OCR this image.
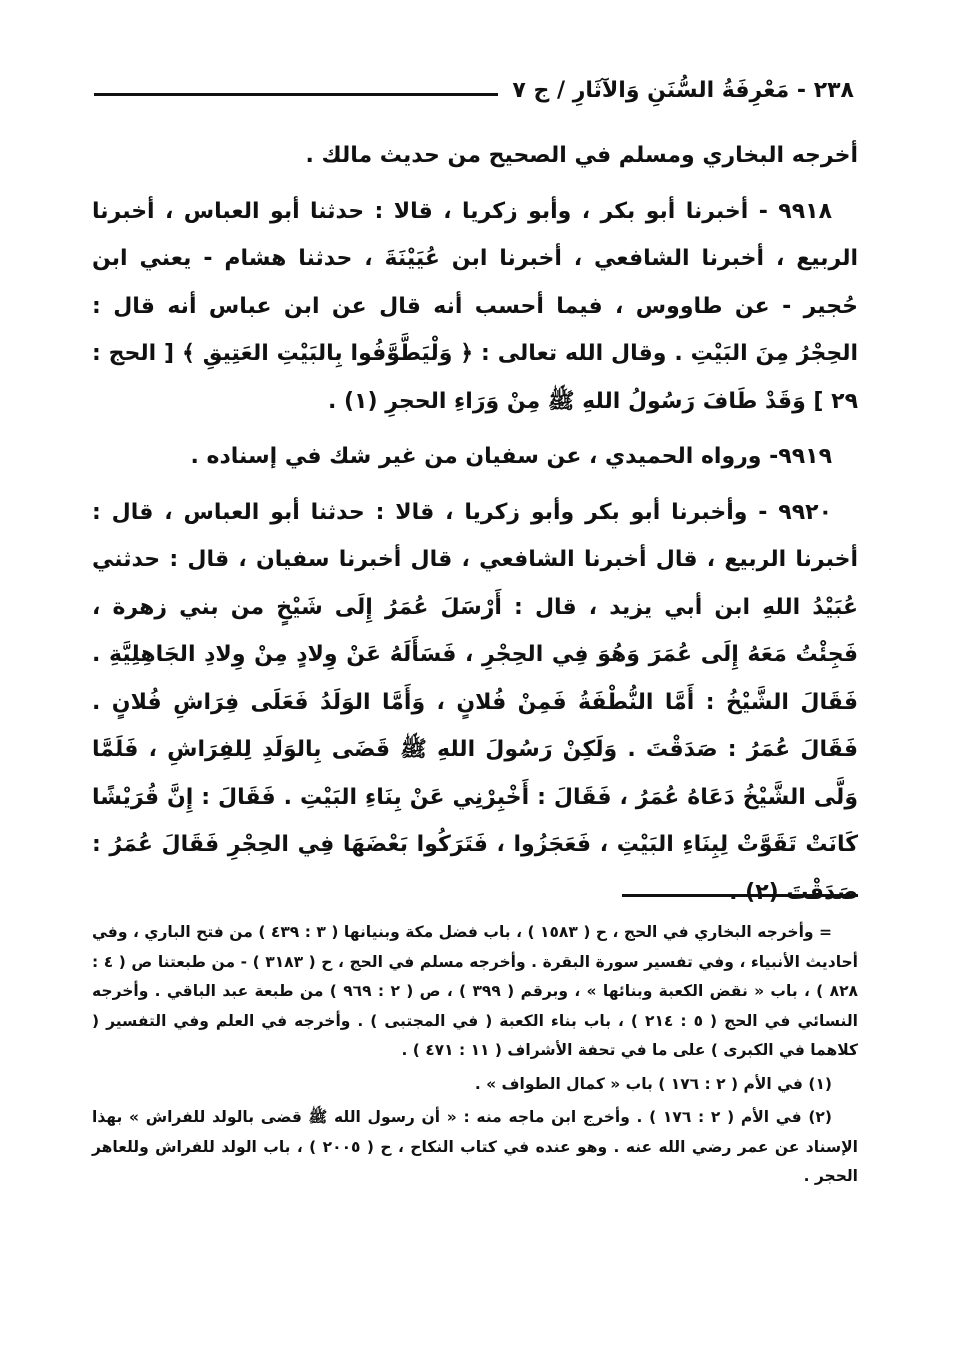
٢٣٨ - مَعْرِفَةُ السُّنَنِ وَالآثَارِ / ج ٧

أخرجه البخاري ومسلم في الصحيح من حديث مالك .

٩٩١٨ - أخبرنا أبو بكر ، وأبو زكريا ، قالا : حدثنا أبو العباس ، أخبرنا الربيع ، أخبرنا الشافعي ، أخبرنا ابن عُيَيْنَةَ ، حدثنا هشام - يعني ابن حُجير - عن طاووس ، فيما أحسب أنه قال عن ابن عباس أنه قال : الحِجْرُ مِنَ البَيْتِ . وقال الله تعالى : ﴿ وَلْيَطَّوَّفُوا بِالبَيْتِ العَتِيقِ ﴾ [ الحج : ٢٩ ] وَقَدْ طَافَ رَسُولُ اللهِ ﷺ مِنْ وَرَاءِ الحجرِ (١) .

٩٩١٩- ورواه الحميدي ، عن سفيان من غير شك في إسناده .

٩٩٢٠ - وأخبرنا أبو بكر وأبو زكريا ، قالا : حدثنا أبو العباس ، قال : أخبرنا الربيع ، قال أخبرنا الشافعي ، قال أخبرنا سفيان ، قال : حدثني عُبَيْدُ اللهِ ابن أبي يزيد ، قال : أَرْسَلَ عُمَرُ إِلَى شَيْخٍ من بني زهرة ، فَجِئْتُ مَعَهُ إِلَى عُمَرَ وَهُوَ فِي الحِجْرِ ، فَسَأَلَهُ عَنْ وِلادٍ مِنْ وِلادِ الجَاهِلِيَّةِ . فَقَالَ الشَّيْخُ : أَمَّا النُّطْفَةُ فَمِنْ فُلانٍ ، وَأَمَّا الوَلَدُ فَعَلَى فِرَاشِ فُلانٍ . فَقَالَ عُمَرُ : صَدَقْتَ . وَلَكِنْ رَسُولَ اللهِ ﷺ قَضَى بِالوَلَدِ لِلفِرَاشِ ، فَلَمَّا وَلَّى الشَّيْخُ دَعَاهُ عُمَرُ ، فَقَالَ : أَخْبِرْنِي عَنْ بِنَاءِ البَيْتِ . فَقَالَ : إِنَّ قُرَيْشًا كَانَتْ تَقَوَّتْ لِبِنَاءِ البَيْتِ ، فَعَجَزُوا ، فَتَرَكُوا بَعْضَهَا فِي الحِجْرِ فَقَالَ عُمَرُ : صَدَقْتَ (٢) .

= وأخرجه البخاري في الحج ، ح ( ١٥٨٣ ) ، باب فضل مكة وبنيانها ( ٣ : ٤٣٩ ) من فتح الباري ، وفي أحاديث الأنبياء ، وفي تفسير سورة البقرة . وأخرجه مسلم في الحج ، ح ( ٣١٨٣ ) - من طبعتنا ص ( ٤ : ٨٢٨ ) ، باب « نقض الكعبة وبنائها » ، وبرقم ( ٣٩٩ ) ، ص ( ٢ : ٩٦٩ ) من طبعة عبد الباقي . وأخرجه النسائي في الحج ( ٥ : ٢١٤ ) ، باب بناء الكعبة ( في المجتبى ) . وأخرجه في العلم وفي التفسير ( كلاهما في الكبرى ) على ما في تحفة الأشراف ( ١١ : ٤٧١ ) .

(١) في الأم ( ٢ : ١٧٦ ) باب « كمال الطواف » .

(٢) في الأم ( ٢ : ١٧٦ ) . وأخرج ابن ماجه منه : « أن رسول الله ﷺ قضى بالولد للفراش » بهذا الإسناد عن عمر رضي الله عنه . وهو عنده في كتاب النكاح ، ح ( ٢٠٠٥ ) ، باب الولد للفراش وللعاهر الحجر .
